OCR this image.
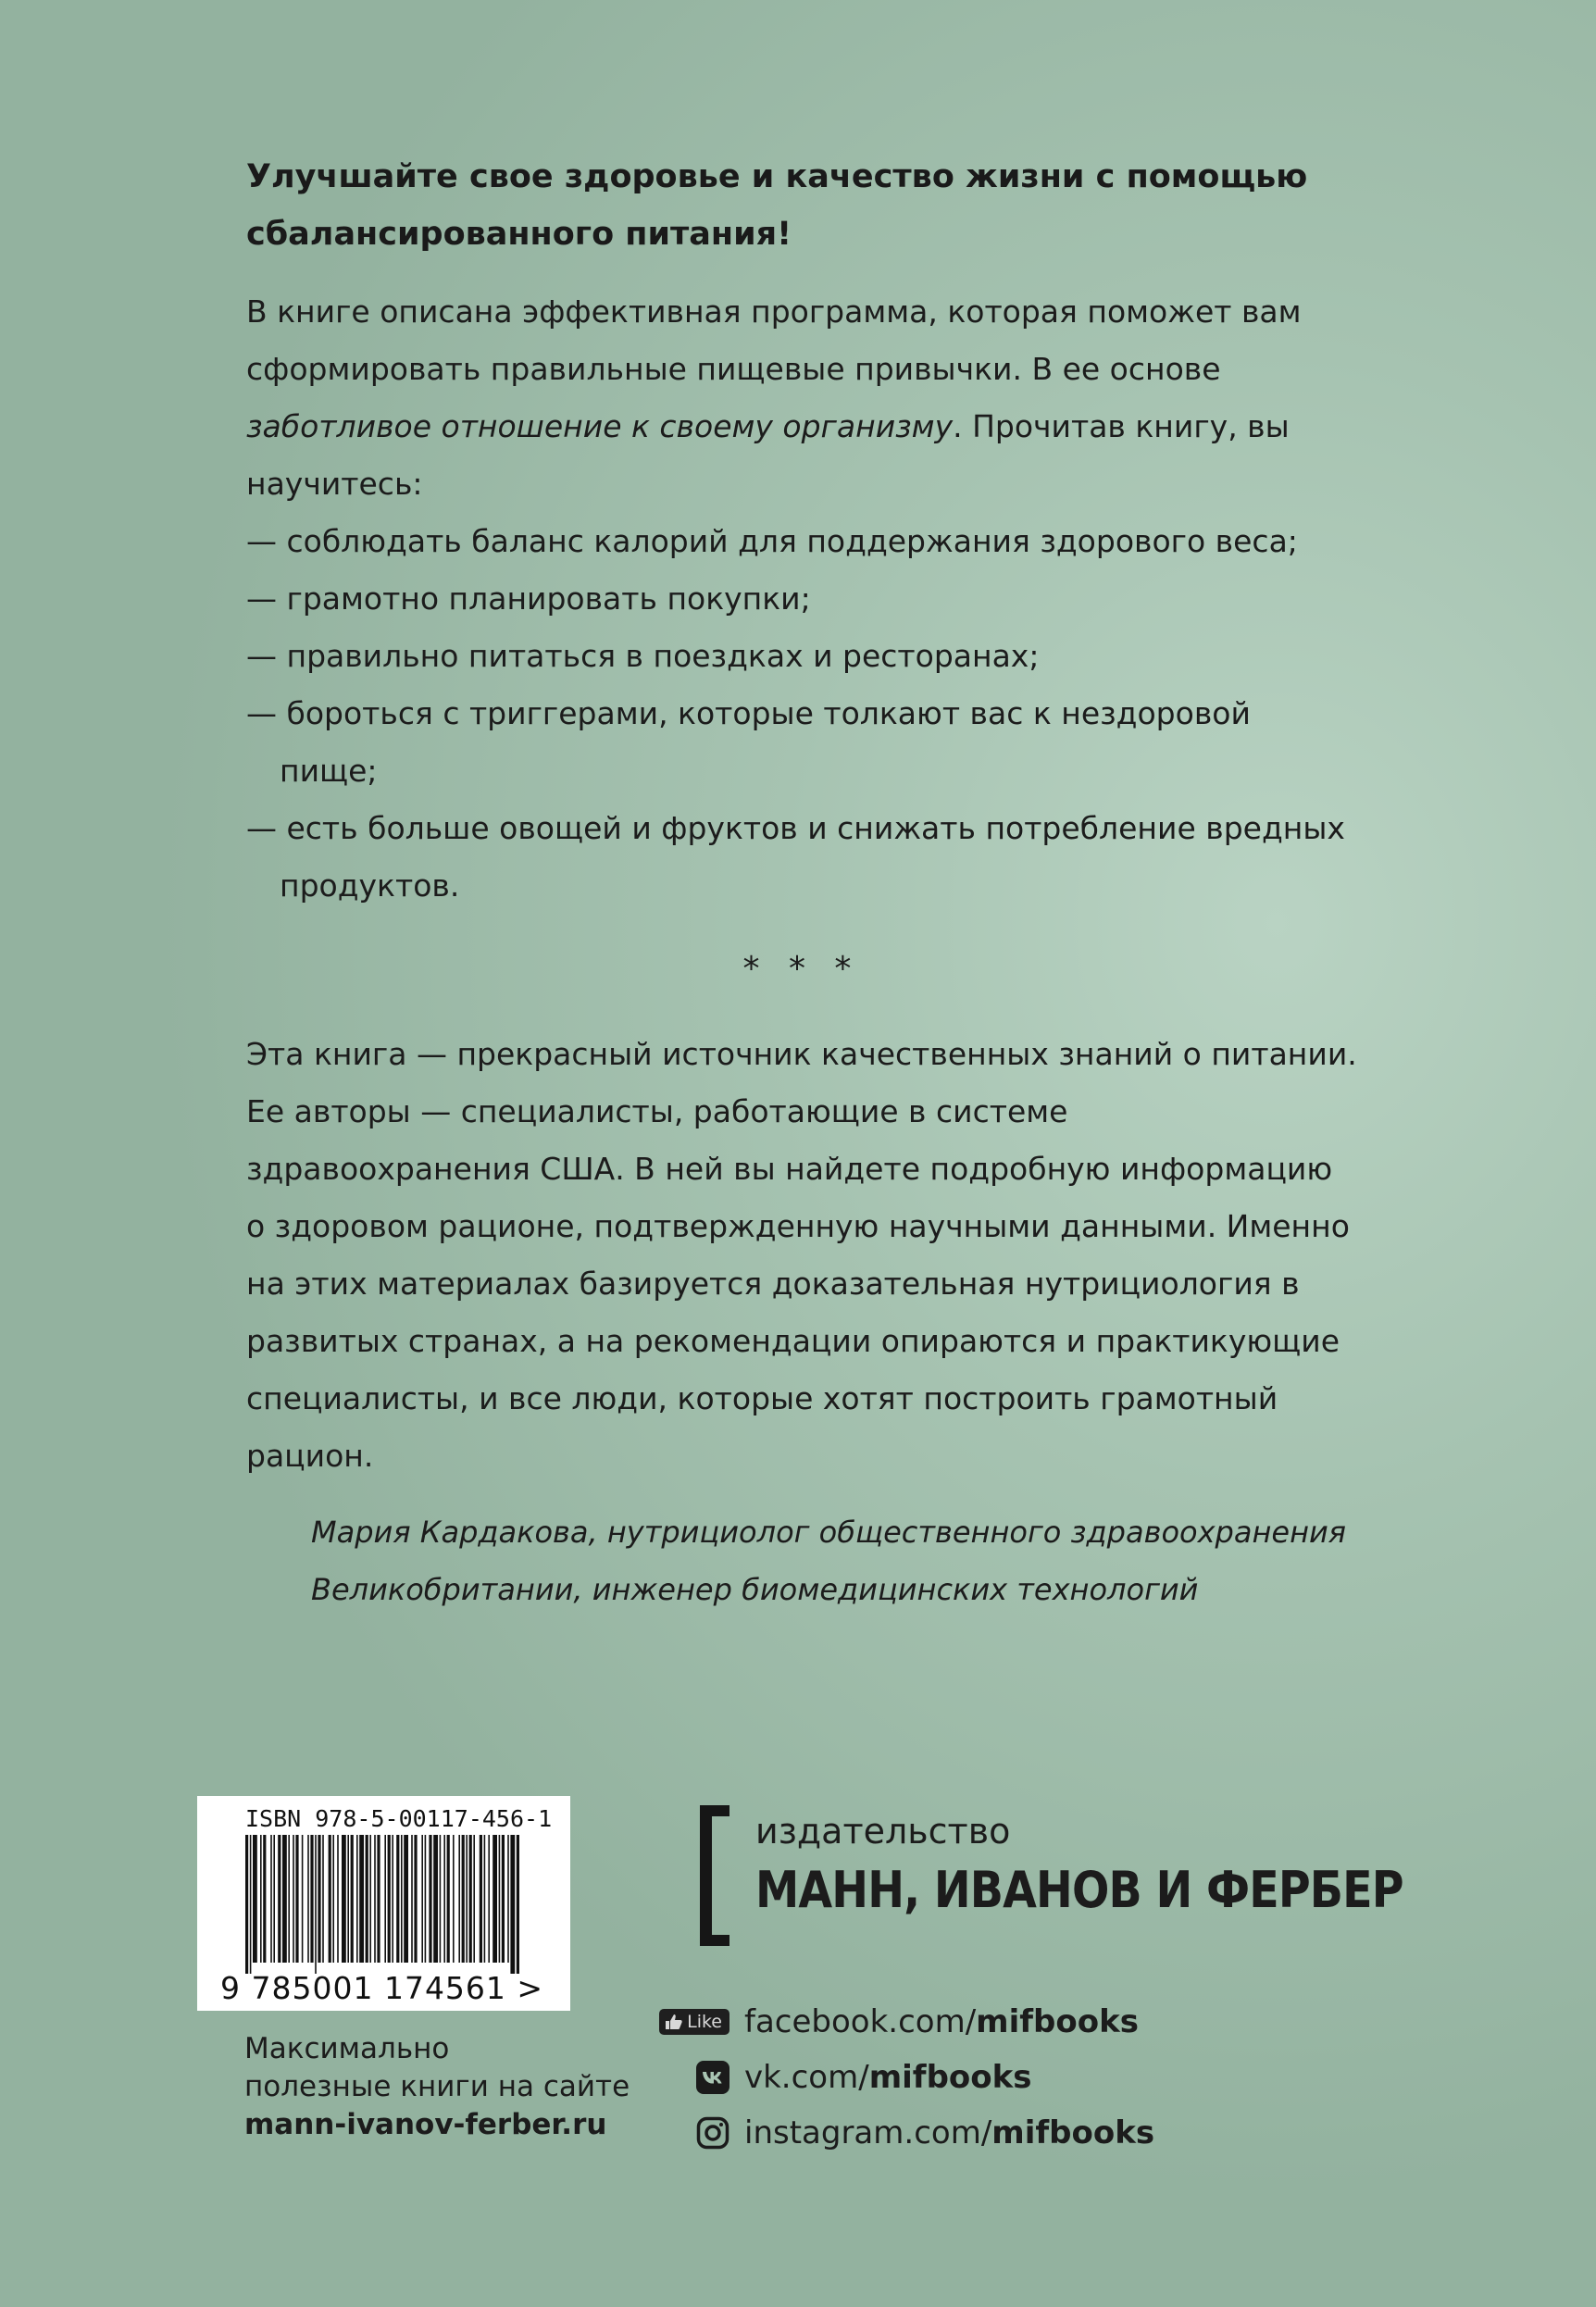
Улучшайте свое здоровье и качество жизни с помощью сбалансированного питания!

В книге описана эффективная программа, которая поможет вам сформировать правильные пищевые привычки. В ее основе заботливое отношение к своему организму. Прочитав книгу, вы научитесь:

— соблюдать баланс калорий для поддержания здорового веса;
— грамотно планировать покупки;
— правильно питаться в поездках и ресторанах;
— бороться с триггерами, которые толкают вас к нездоровой пище;
— есть больше овощей и фруктов и снижать потребление вредных продуктов.
* * *

Эта книга — прекрасный источник качественных знаний о питании. Ее авторы — специалисты, работающие в системе здравоохранения США. В ней вы найдете подробную информацию о здоровом рационе, подтвержденную научными данными. Именно на этих материалах базируется доказательная нутрициология в развитых странах, а на рекомендации опираются и практикующие специалисты, и все люди, которые хотят построить грамотный рацион.

Мария Кардакова, нутрициолог общественного здравоохранения Великобритании, инженер биомедицинских технологий

ISBN 978-5-00117-456-1
9 785001 174561 >
Максимально
полезные книги на сайте
mann-ivanov-ferber.ru
издательство
МАНН, ИВАНОВ И ФЕРБЕР
Like facebook.com/mifbooks
vk.com/mifbooks
instagram.com/mifbooks
